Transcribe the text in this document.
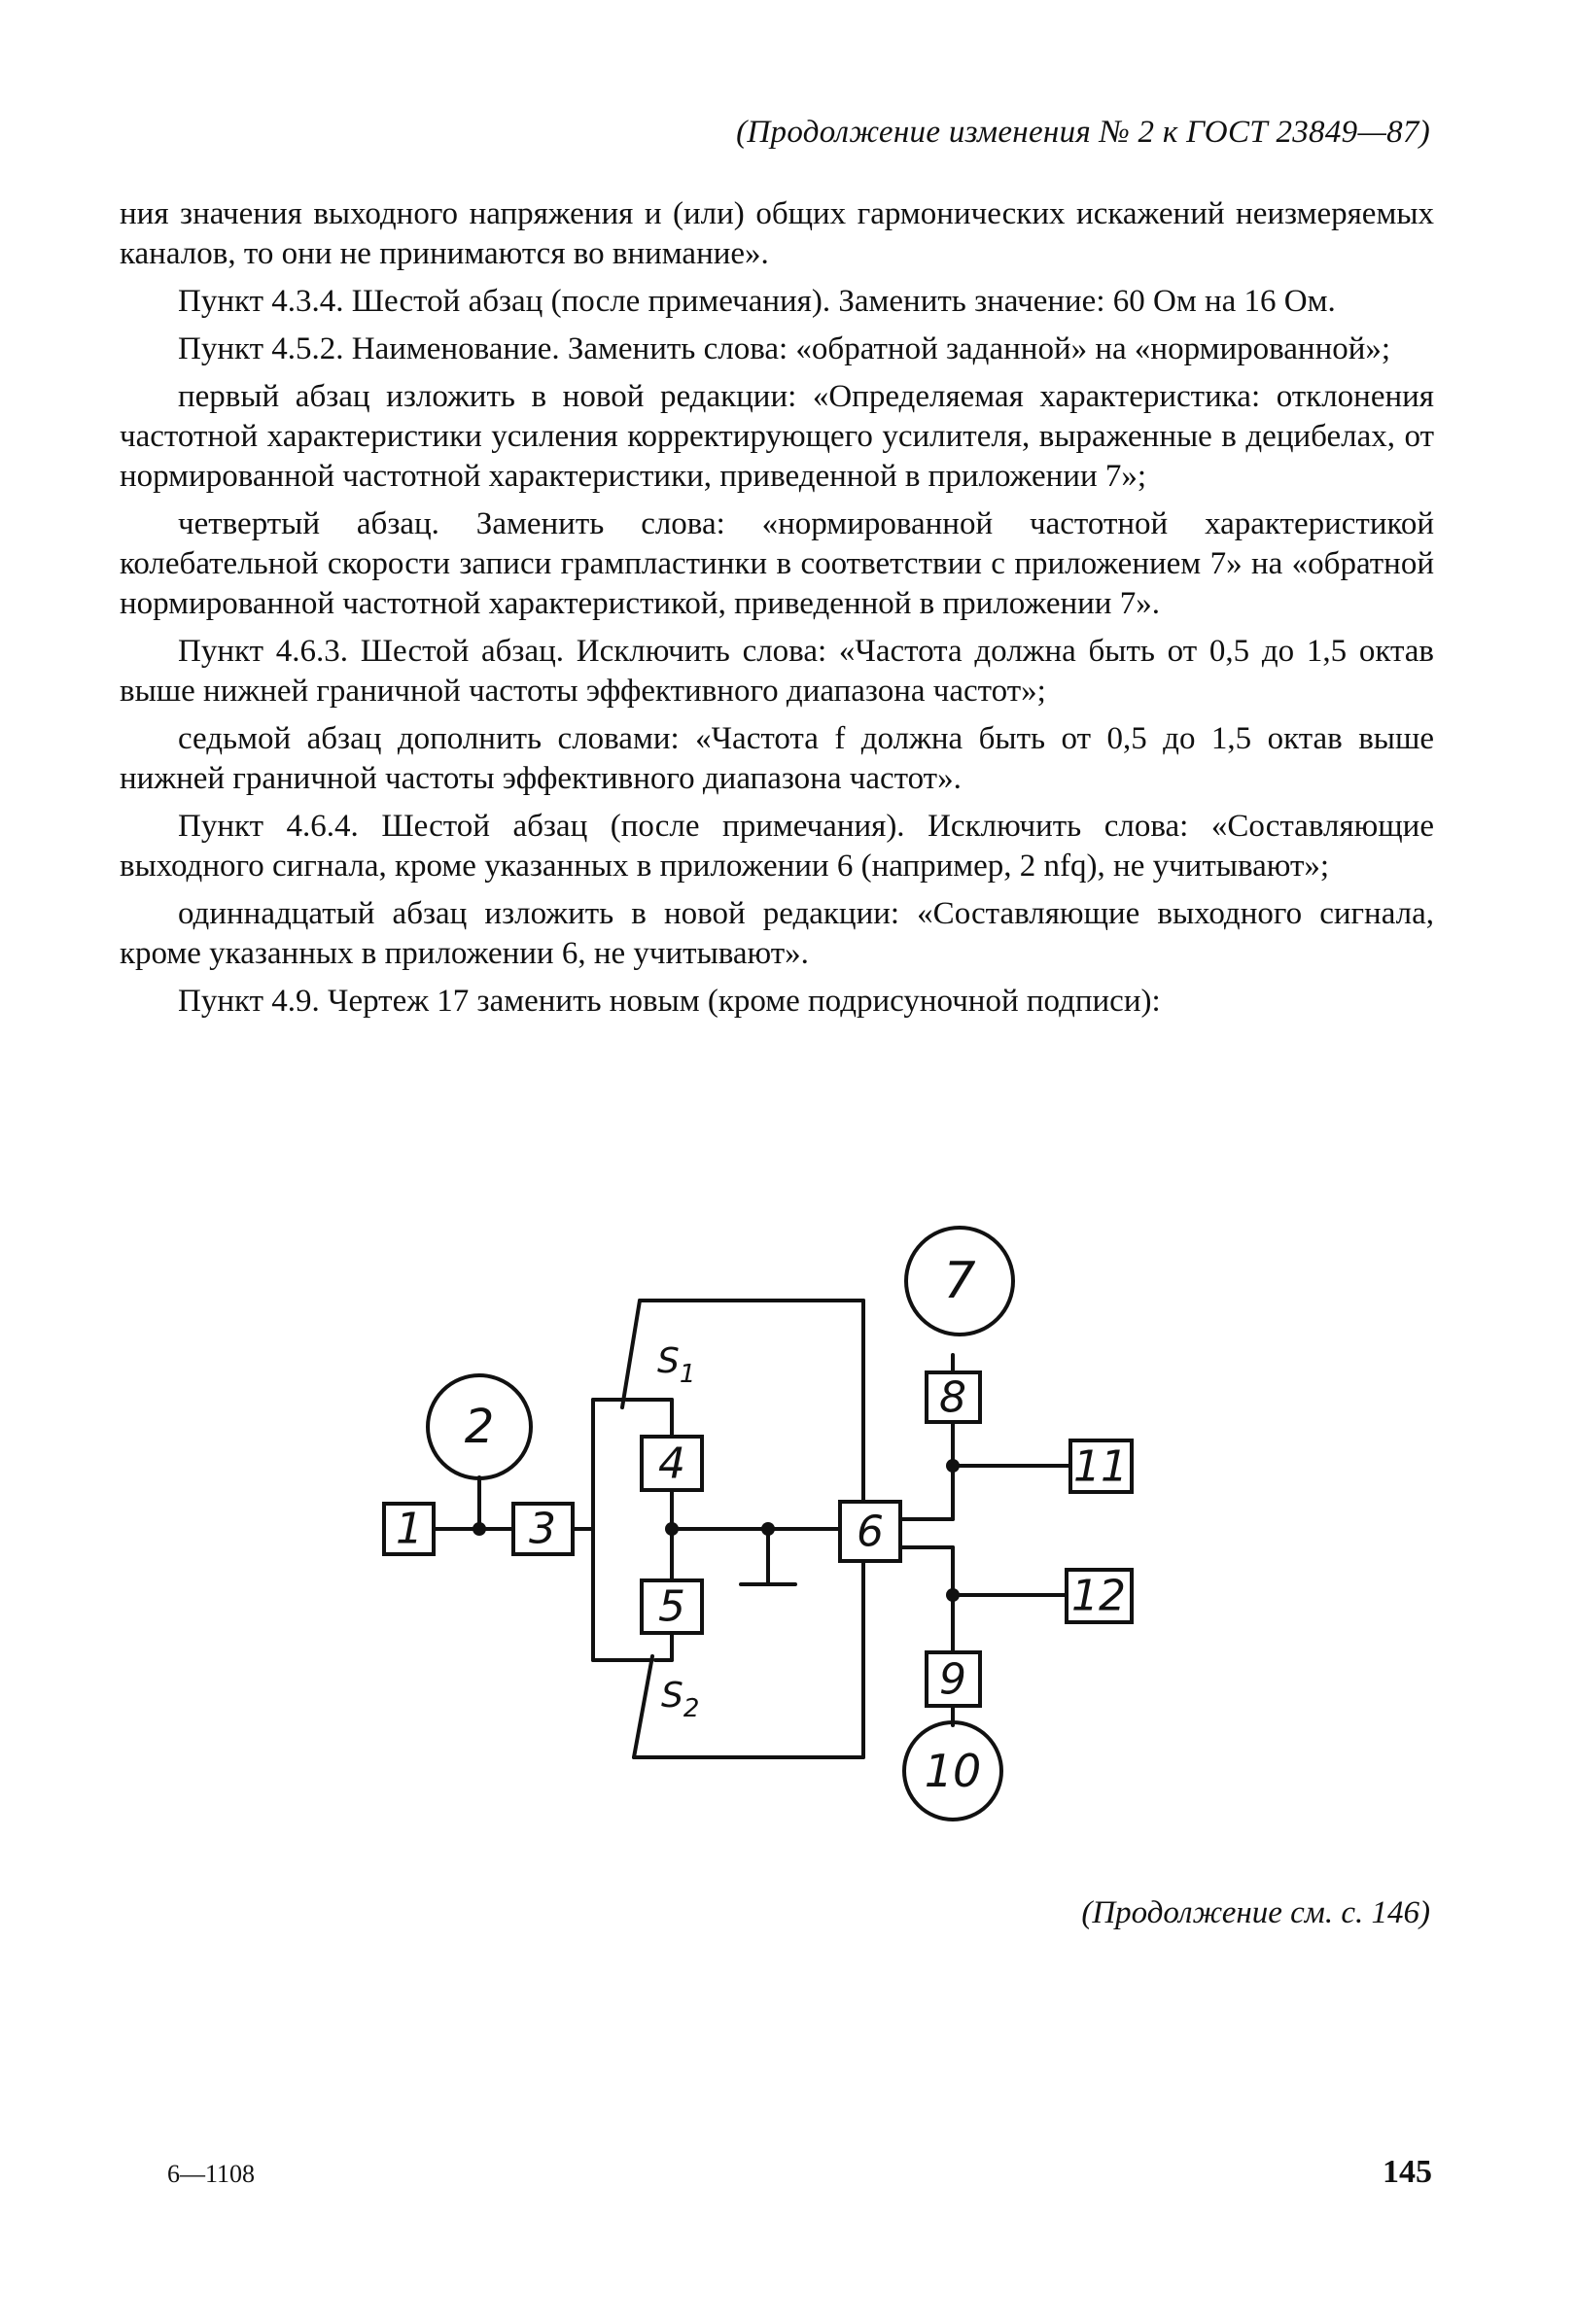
(Продолжение изменения № 2 к ГОСТ 23849—87)

ния значения выходного напряжения и (или) общих гармонических искажений неизмеряемых каналов, то они не принимаются во внимание».

Пункт 4.3.4. Шестой абзац (после примечания). Заменить значение: 60 Ом на 16 Ом.

Пункт 4.5.2. Наименование. Заменить слова: «обратной заданной» на «нормированной»;

первый абзац изложить в новой редакции: «Определяемая характеристика: отклонения частотной характеристики усиления корректирующего усилителя, выраженные в децибелах, от нормированной частотной характеристики, приведенной в приложении 7»;

четвертый абзац. Заменить слова: «нормированной частотной характеристикой колебательной скорости записи грампластинки в соответствии с приложением 7» на «обратной нормированной частотной характеристикой, приведенной в приложении 7».

Пункт 4.6.3. Шестой абзац. Исключить слова: «Частота должна быть от 0,5 до 1,5 октав выше нижней граничной частоты эффективного диапазона частот»;

седьмой абзац дополнить словами: «Частота f должна быть от 0,5 до 1,5 октав выше нижней граничной частоты эффективного диапазона частот».

Пункт 4.6.4. Шестой абзац (после примечания). Исключить слова: «Составляющие выходного сигнала, кроме указанных в приложении 6 (например, 2 nfq), не учитывают»;

одиннадцатый абзац изложить в новой редакции: «Составляющие выходного сигнала, кроме указанных в приложении 6, не учитывают».

Пункт 4.9. Чертеж 17 заменить новым (кроме подрисуночной подписи):

1 3
4
5
6
8
9
11
12
2
7
10
$S_1$
$S_2$
(Продолжение см. с. 146)
6—1108	145
